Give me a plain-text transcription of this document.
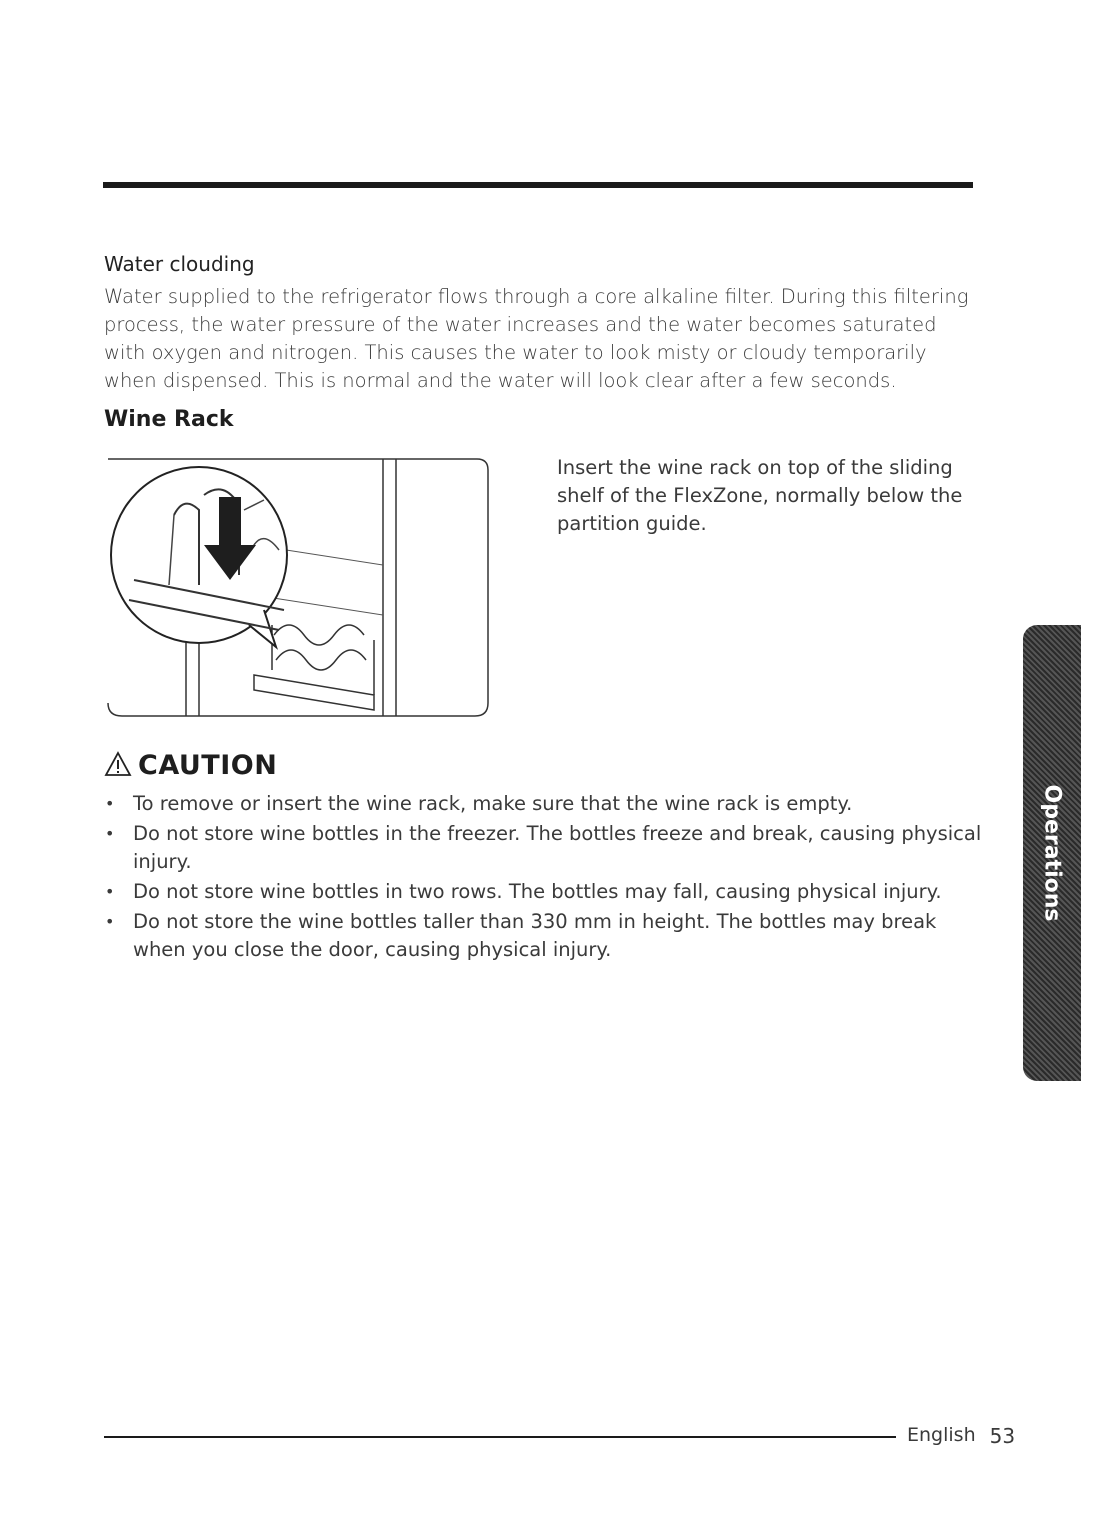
Water clouding
Water supplied to the refrigerator flows through a core alkaline filter. During this filtering process, the water pressure of the water increases and the water becomes saturated with oxygen and nitrogen. This causes the water to look misty or cloudy temporarily when dispensed. This is normal and the water will look clear after a few seconds.
Wine Rack
Insert the wine rack on top of the sliding shelf of the FlexZone, normally below the partition guide.
CAUTION
• To remove or insert the wine rack, make sure that the wine rack is empty.
• Do not store wine bottles in the freezer. The bottles freeze and break, causing physical injury.
• Do not store wine bottles in two rows. The bottles may fall, causing physical injury.
• Do not store the wine bottles taller than 330 mm in height. The bottles may break when you close the door, causing physical injury.
Operations
English 53
